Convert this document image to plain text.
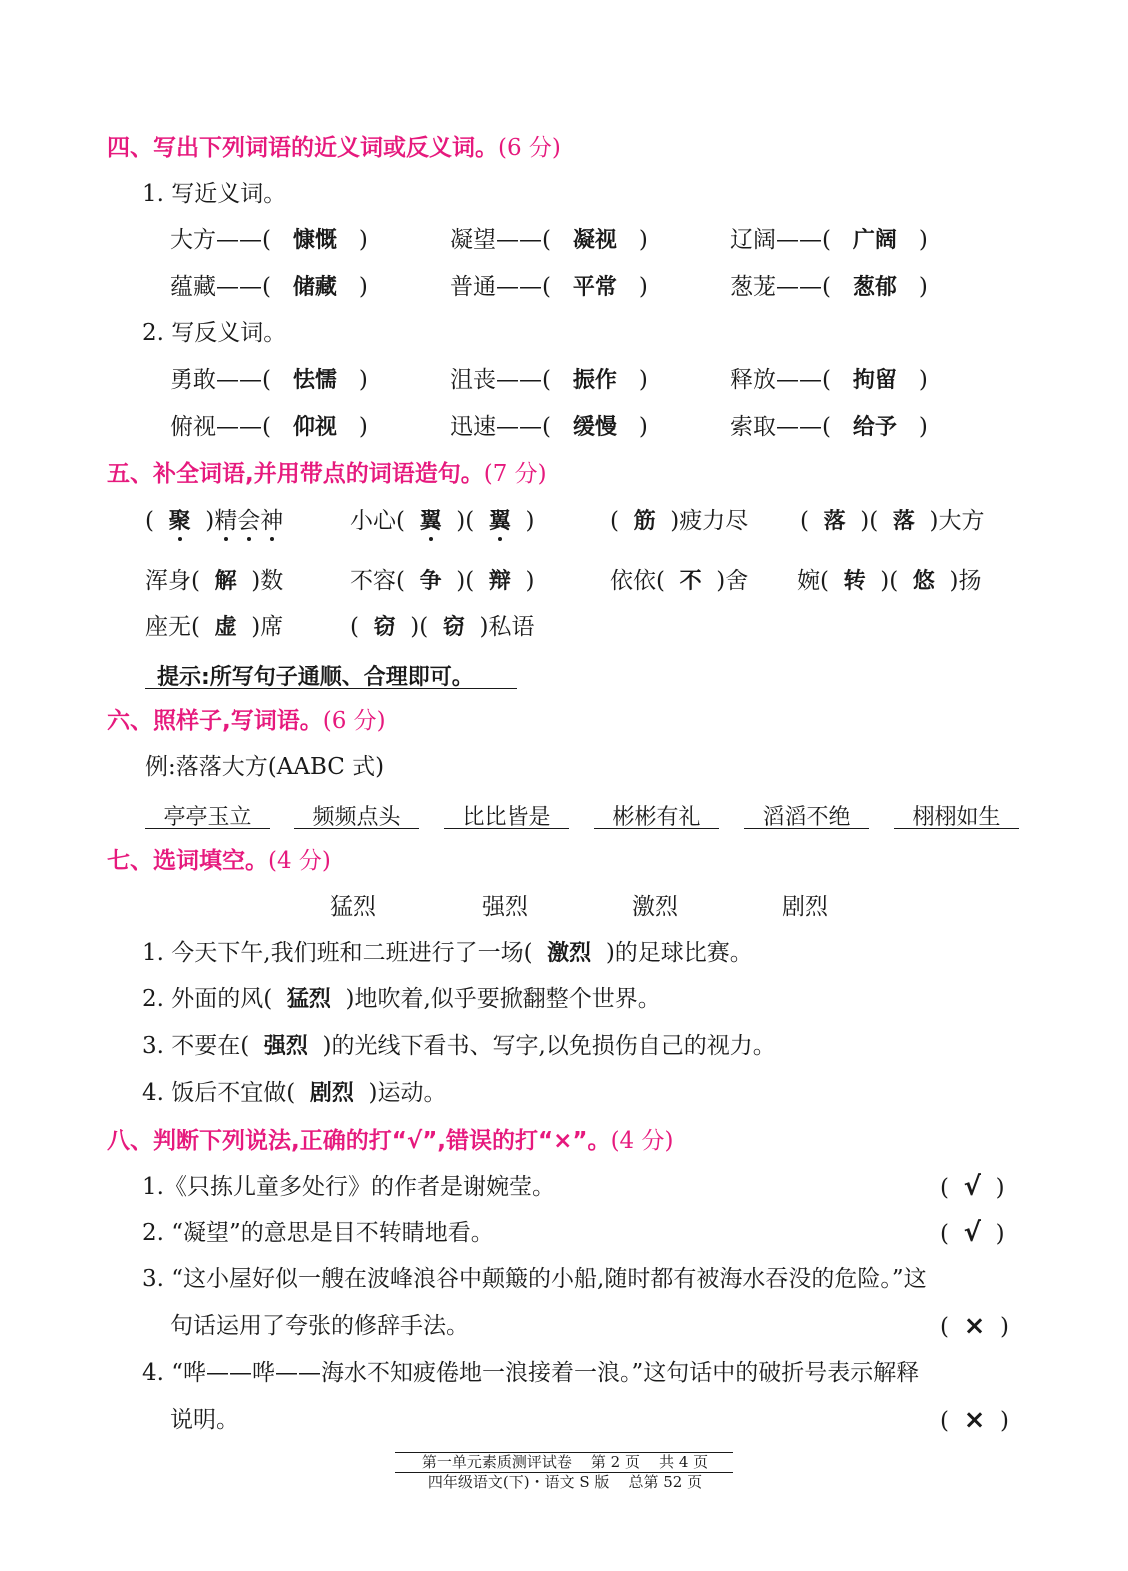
四、写出下列词语的近义词或反义词。(6 分)
1. 写近义词。
大方——(   慷慨   )	凝望——(   凝视   )	辽阔——(   广阔   )
蕴藏——(   储藏   )	普通——(   平常   )	葱茏——(   葱郁   )
2. 写反义词。
勇敢——(   怯懦   )	沮丧——(   振作   )	释放——(   拘留   )
俯视——(   仰视   )	迅速——(   缓慢   )	索取——(   给予   )
五、补全词语,并用带点的词语造句。(7 分)
(  聚  )精会神	小心(  翼  )(  翼  )	(  筋  )疲力尽 (  落  )(  落  )大方
浑身(  解  )数	不容(  争  )(  辩  )	依依(  不  )舍 婉(  转  )(  悠  )扬
座无(  虚  )席	(  窃  )(  窃  )私语
提示:所写句子通顺、合理即可。
六、照样子,写词语。(6 分)
例:落落大方(AABC 式)
亭亭玉立	频频点头	比比皆是	彬彬有礼	滔滔不绝	栩栩如生
七、选词填空。(4 分)
猛烈	强烈	激烈	剧烈
1. 今天下午,我们班和二班进行了一场( 激烈 )的足球比赛。
2. 外面的风( 猛烈 )地吹着,似乎要掀翻整个世界。
3. 不要在( 强烈 )的光线下看书、写字,以免损伤自己的视力。
4. 饭后不宜做( 剧烈 )运动。
八、判断下列说法,正确的打“√”,错误的打“×”。(4 分)
1.《只拣儿童多处行》的作者是谢婉莹。	(  √  )
2. “凝望”的意思是目不转睛地看。	(  √  )
3. “这小屋好似一艘在波峰浪谷中颠簸的小船,随时都有被海水吞没的危险。”这
句话运用了夸张的修辞手法。	(  ×  )
4. “哗——哗——海水不知疲倦地一浪接着一浪。”这句话中的破折号表示解释
说明。	(  ×  )
第一单元素质测评试卷    第 2 页    共 4 页
四年级语文(下)・语文 S 版    总第 52 页
